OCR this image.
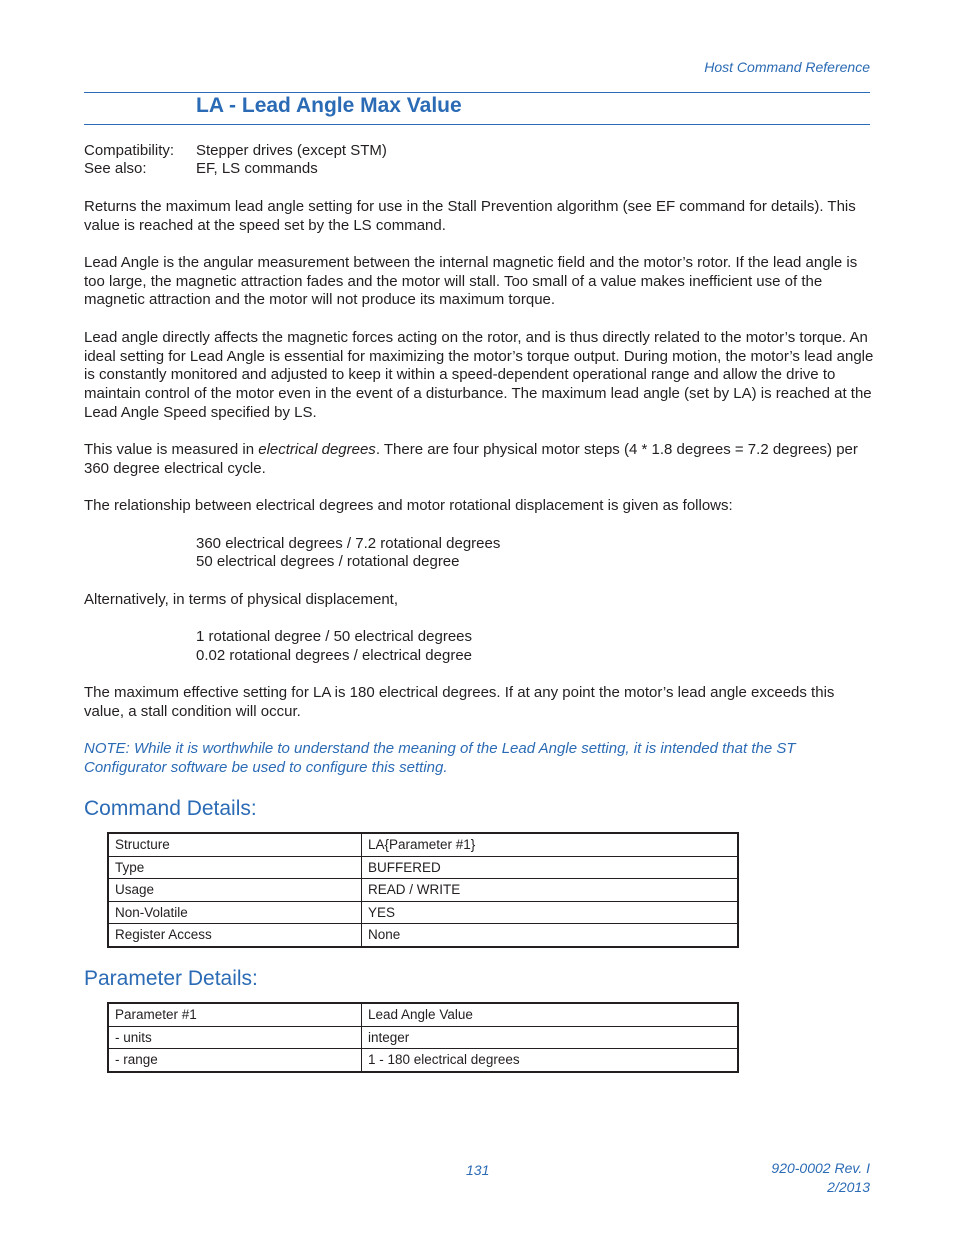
Host Command Reference
LA - Lead Angle Max Value
Compatibility: Stepper drives (except STM)
See also:	EF, LS commands
Returns the maximum lead angle setting for use in the Stall Prevention algorithm (see EF command for details). This value is reached at the speed set by the LS command.
Lead Angle is the angular measurement between the internal magnetic field and the motor’s rotor. If the lead angle is too large, the magnetic attraction fades and the motor will stall. Too small of a value makes inefficient use of the magnetic attraction and the motor will not produce its maximum torque.
Lead angle directly affects the magnetic forces acting on the rotor, and is thus directly related to the motor’s torque. An ideal setting for Lead Angle is essential for maximizing the motor’s torque output. During motion, the motor’s lead angle is constantly monitored and adjusted to keep it within a speed-dependent operational range and allow the drive to maintain control of the motor even in the event of a disturbance. The maximum lead angle (set by LA) is reached at the Lead Angle Speed specified by LS.
This value is measured in electrical degrees. There are four physical motor steps (4 * 1.8 degrees = 7.2 degrees) per 360 degree electrical cycle.
The relationship between electrical degrees and motor rotational displacement is given as follows:
360 electrical degrees / 7.2 rotational degrees
50 electrical degrees / rotational degree
Alternatively, in terms of physical displacement,
1 rotational degree / 50 electrical degrees
0.02 rotational degrees / electrical degree
The maximum effective setting for LA is 180 electrical degrees. If at any point the motor’s lead angle exceeds this value, a stall condition will occur.
NOTE: While it is worthwhile to understand the meaning of the Lead Angle setting, it is intended that the ST Configurator software be used to configure this setting.
Command Details:
Structure	LA{Parameter #1}
Type	BUFFERED
Usage	READ / WRITE
Non-Volatile	YES
Register Access	None
Parameter Details:
Parameter #1	Lead Angle Value
- units	integer
- range	1 - 180 electrical degrees
131	920-0002 Rev. I
2/2013
